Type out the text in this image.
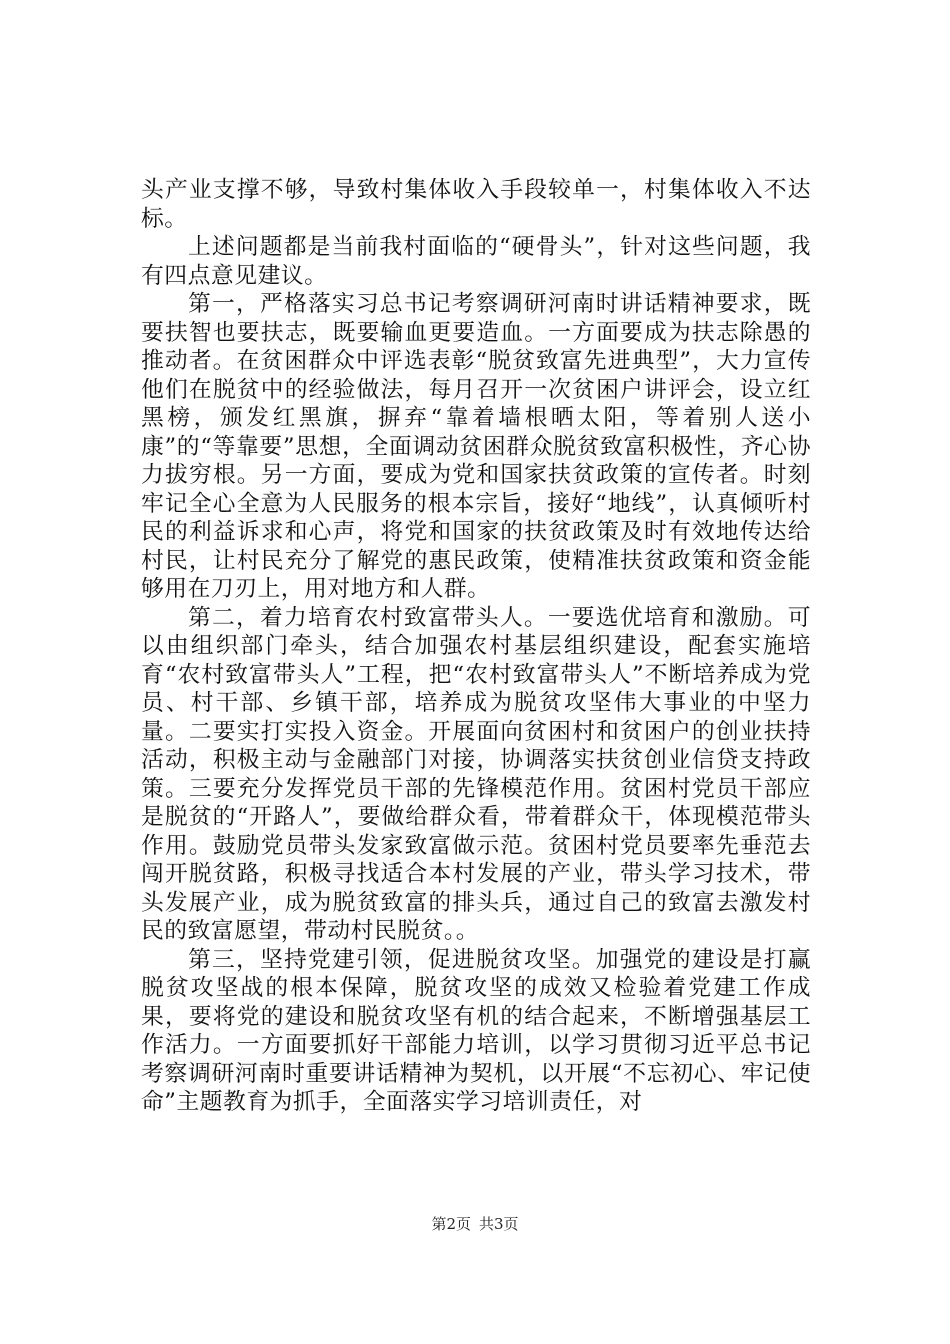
头产业支撑不够，导致村集体收入手段较单一，村集体收入不达标。

上述问题都是当前我村面临的“硬骨头”，针对这些问题，我有四点意见建议。

第一，严格落实习总书记考察调研河南时讲话精神要求，既要扶智也要扶志，既要输血更要造血。一方面要成为扶志除愚的推动者。在贫困群众中评选表彰“脱贫致富先进典型”，大力宣传他们在脱贫中的经验做法，每月召开一次贫困户讲评会，设立红黑榜，颁发红黑旗，摒弃“靠着墙根晒太阳，等着别人送小康”的“等靠要”思想，全面调动贫困群众脱贫致富积极性，齐心协力拔穷根。另一方面，要成为党和国家扶贫政策的宣传者。时刻牢记全心全意为人民服务的根本宗旨，接好“地线”，认真倾听村民的利益诉求和心声，将党和国家的扶贫政策及时有效地传达给村民，让村民充分了解党的惠民政策，使精准扶贫政策和资金能够用在刀刃上，用对地方和人群。

第二，着力培育农村致富带头人。一要选优培育和激励。可以由组织部门牵头，结合加强农村基层组织建设，配套实施培育“农村致富带头人”工程，把“农村致富带头人”不断培养成为党员、村干部、乡镇干部，培养成为脱贫攻坚伟大事业的中坚力量。二要实打实投入资金。开展面向贫困村和贫困户的创业扶持活动，积极主动与金融部门对接，协调落实扶贫创业信贷支持政策。三要充分发挥党员干部的先锋模范作用。贫困村党员干部应是脱贫的“开路人”，要做给群众看，带着群众干，体现模范带头作用。鼓励党员带头发家致富做示范。贫困村党员要率先垂范去闯开脱贫路，积极寻找适合本村发展的产业，带头学习技术，带头发展产业，成为脱贫致富的排头兵，通过自己的致富去激发村民的致富愿望，带动村民脱贫。。

第三，坚持党建引领，促进脱贫攻坚。加强党的建设是打赢脱贫攻坚战的根本保障，脱贫攻坚的成效又检验着党建工作成果，要将党的建设和脱贫攻坚有机的结合起来，不断增强基层工作活力。一方面要抓好干部能力培训，以学习贯彻习近平总书记考察调研河南时重要讲话精神为契机，以开展“不忘初心、牢记使命”主题教育为抓手，全面落实学习培训责任，对

第2页 共3页
